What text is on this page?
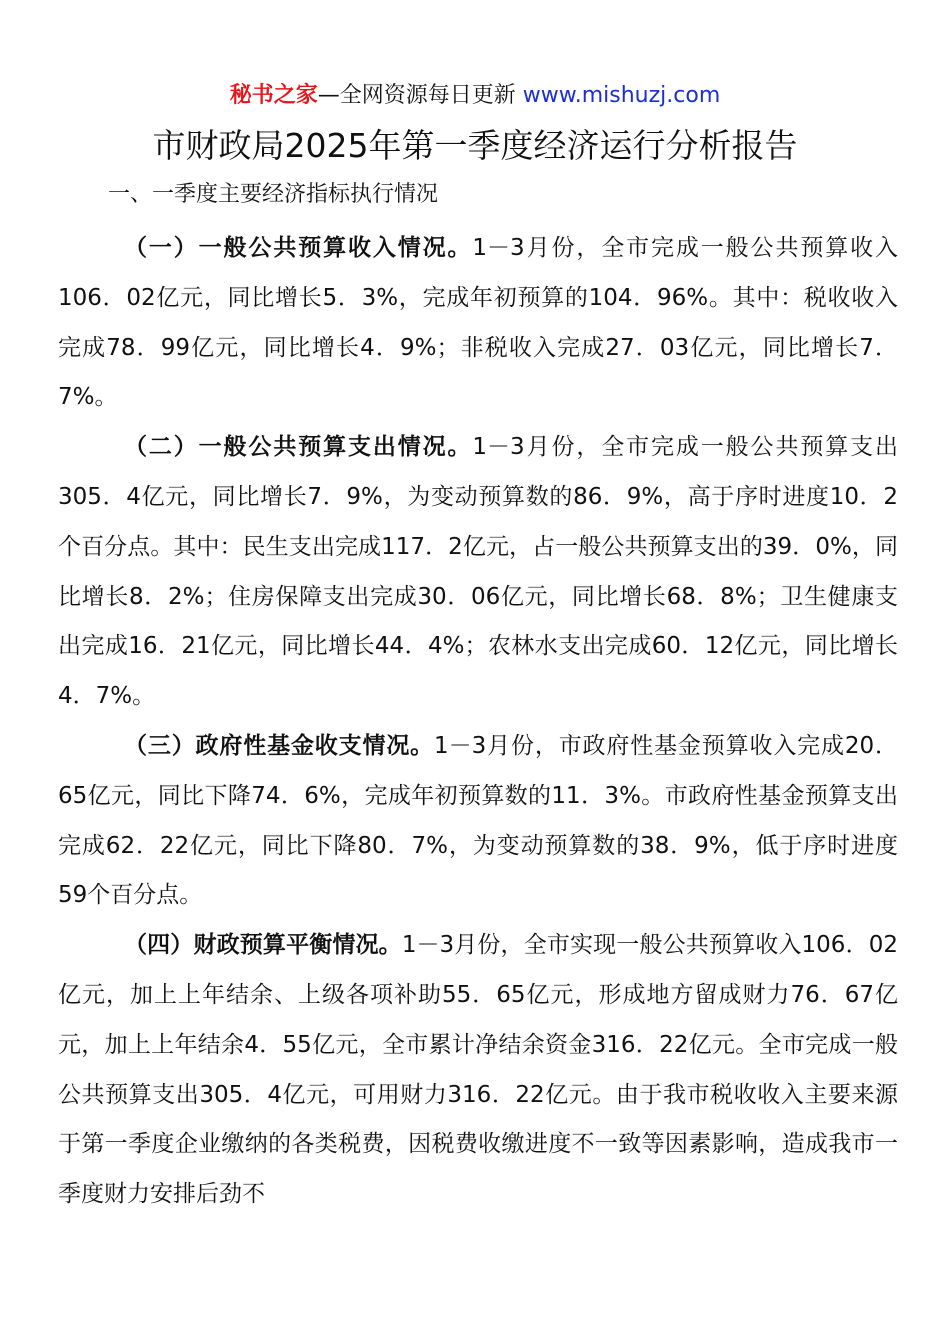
秘书之家—全网资源每日更新 www.mishuzj.com
市财政局2025年第一季度经济运行分析报告
一、一季度主要经济指标执行情况

（一）一般公共预算收入情况。1－3月份，全市完成一般公共预算收入106．02亿元，同比增长5．3%，完成年初预算的104．96%。其中：税收收入完成78．99亿元，同比增长4．9%；非税收入完成27．03亿元，同比增长7．7%。

（二）一般公共预算支出情况。1－3月份，全市完成一般公共预算支出305．4亿元，同比增长7．9%，为变动预算数的86．9%，高于序时进度10．2个百分点。其中：民生支出完成117．2亿元，占一般公共预算支出的39．0%，同比增长8．2%；住房保障支出完成30．06亿元，同比增长68．8%；卫生健康支出完成16．21亿元，同比增长44．4%；农林水支出完成60．12亿元，同比增长4．7%。

（三）政府性基金收支情况。1－3月份，市政府性基金预算收入完成20．65亿元，同比下降74．6%，完成年初预算数的11．3%。市政府性基金预算支出完成62．22亿元，同比下降80．7%，为变动预算数的38．9%，低于序时进度59个百分点。

（四）财政预算平衡情况。1－3月份，全市实现一般公共预算收入106．02亿元，加上上年结余、上级各项补助55．65亿元，形成地方留成财力76．67亿元，加上上年结余4．55亿元，全市累计净结余资金316．22亿元。全市完成一般公共预算支出305．4亿元，可用财力316．22亿元。由于我市税收收入主要来源于第一季度企业缴纳的各类税费，因税费收缴进度不一致等因素影响，造成我市一季度财力安排后劲不
